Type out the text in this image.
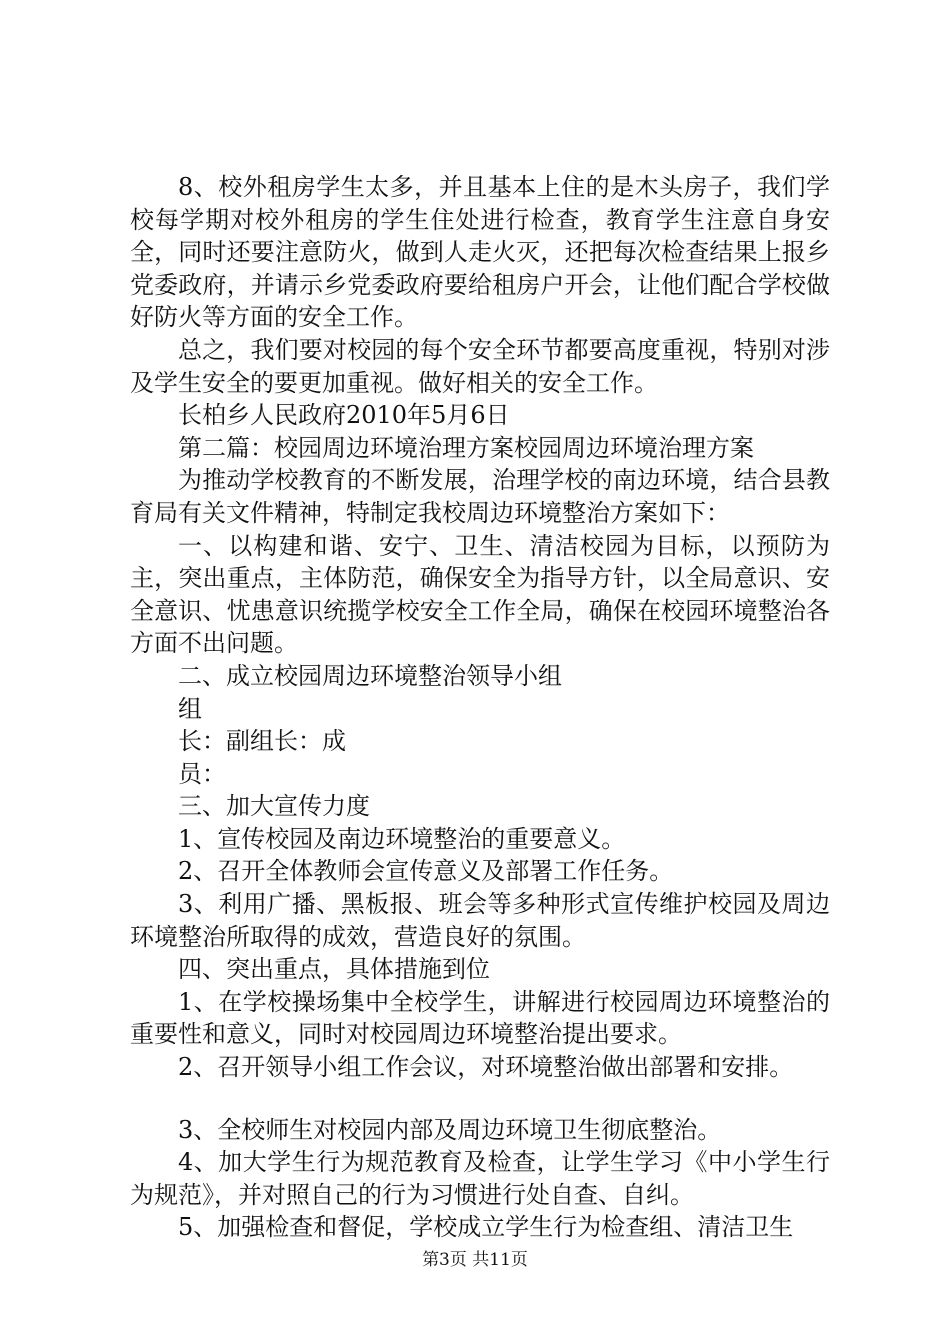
8、校外租房学生太多，并且基本上住的是木头房子，我们学校每学期对校外租房的学生住处进行检查，教育学生注意自身安全，同时还要注意防火，做到人走火灭，还把每次检查结果上报乡党委政府，并请示乡党委政府要给租房户开会，让他们配合学校做好防火等方面的安全工作。

总之，我们要对校园的每个安全环节都要高度重视，特别对涉及学生安全的要更加重视。做好相关的安全工作。

长柏乡人民政府2010年5月6日

第二篇：校园周边环境治理方案校园周边环境治理方案

为推动学校教育的不断发展，治理学校的南边环境，结合县教育局有关文件精神，特制定我校周边环境整治方案如下：

一、以构建和谐、安宁、卫生、清洁校园为目标，以预防为主，突出重点，主体防范，确保安全为指导方针，以全局意识、安全意识、忧患意识统揽学校安全工作全局，确保在校园环境整治各方面不出问题。

二、成立校园周边环境整治领导小组

组

长：副组长：成

员：

三、加大宣传力度

1、宣传校园及南边环境整治的重要意义。

2、召开全体教师会宣传意义及部署工作任务。

3、利用广播、黑板报、班会等多种形式宣传维护校园及周边环境整治所取得的成效，营造良好的氛围。

四、突出重点，具体措施到位

1、在学校操场集中全校学生，讲解进行校园周边环境整治的重要性和意义，同时对校园周边环境整治提出要求。

2、召开领导小组工作会议，对环境整治做出部署和安排。

3、全校师生对校园内部及周边环境卫生彻底整治。

4、加大学生行为规范教育及检查，让学生学习《中小学生行为规范》，并对照自己的行为习惯进行处自查、自纠。

5、加强检查和督促，学校成立学生行为检查组、清洁卫生

第3页 共11页
